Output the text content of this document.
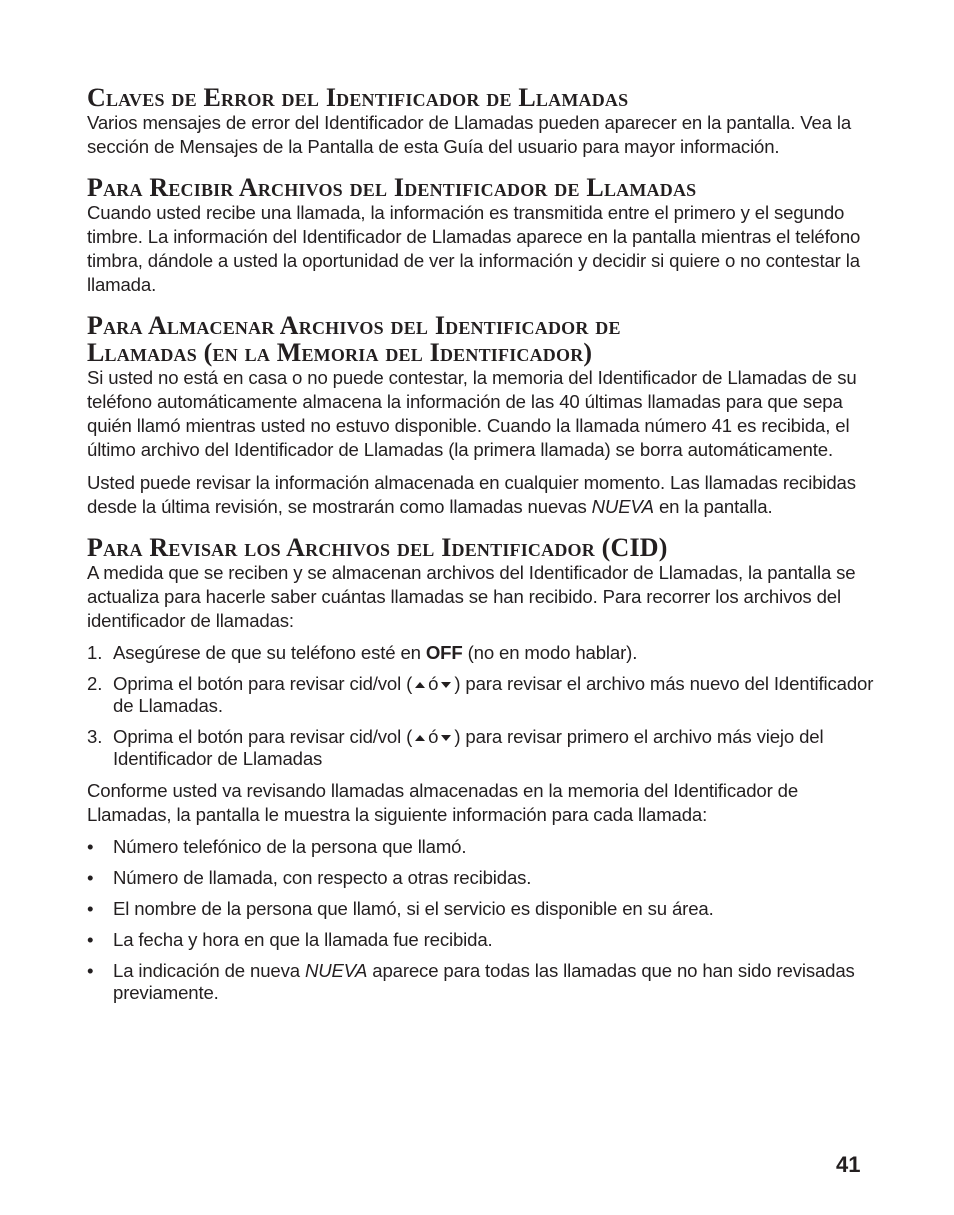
Claves de Error del Identificador de Llamadas

Varios mensajes de error del Identificador de Llamadas pueden aparecer en la pantalla. Vea la sección de Mensajes de la Pantalla de esta Guía del usuario para mayor información.

Para Recibir Archivos del Identificador de Llamadas

Cuando usted recibe una llamada, la información es transmitida entre el primero y el segundo timbre. La información del Identificador de Llamadas aparece en la pantalla mientras el teléfono timbra, dándole a usted la oportunidad de ver la información y decidir si quiere o no contestar la llamada.

Para Almacenar Archivos del Identificador de
Llamadas (en la Memoria del Identificador)

Si usted no está en casa o no puede contestar, la memoria del Identificador de Llamadas de su teléfono automáticamente almacena la información de las 40 últimas llamadas para que sepa quién llamó mientras usted no estuvo disponible. Cuando la llamada número 41 es recibida, el último archivo del Identificador de Llamadas (la primera llamada) se borra automáticamente.

Usted puede revisar la información almacenada en cualquier momento. Las llamadas recibidas desde la última revisión, se mostrarán como llamadas nuevas NUEVA en la pantalla.

Para Revisar los Archivos del Identificador (CID)

A medida que se reciben y se almacenan archivos del Identificador de Llamadas, la pantalla se actualiza para hacerle saber cuántas llamadas se han recibido. Para recorrer los archivos del identificador de llamadas:

1. Asegúrese de que su teléfono esté en OFF (no en modo hablar).
2. Oprima el botón para revisar cid/vol ( ó ) para revisar el archivo más nuevo del Identificador de Llamadas.
3. Oprima el botón para revisar cid/vol ( ó ) para revisar primero el archivo más viejo del Identificador de Llamadas

Conforme usted va revisando llamadas almacenadas en la memoria del Identificador de Llamadas, la pantalla le muestra la siguiente información para cada llamada:

• Número telefónico de la persona que llamó.
• Número de llamada, con respecto a otras recibidas.
• El nombre de la persona que llamó, si el servicio es disponible en su área.
• La fecha y hora en que la llamada fue recibida.
• La indicación de nueva NUEVA aparece para todas las llamadas que no han sido revisadas previamente.
41
